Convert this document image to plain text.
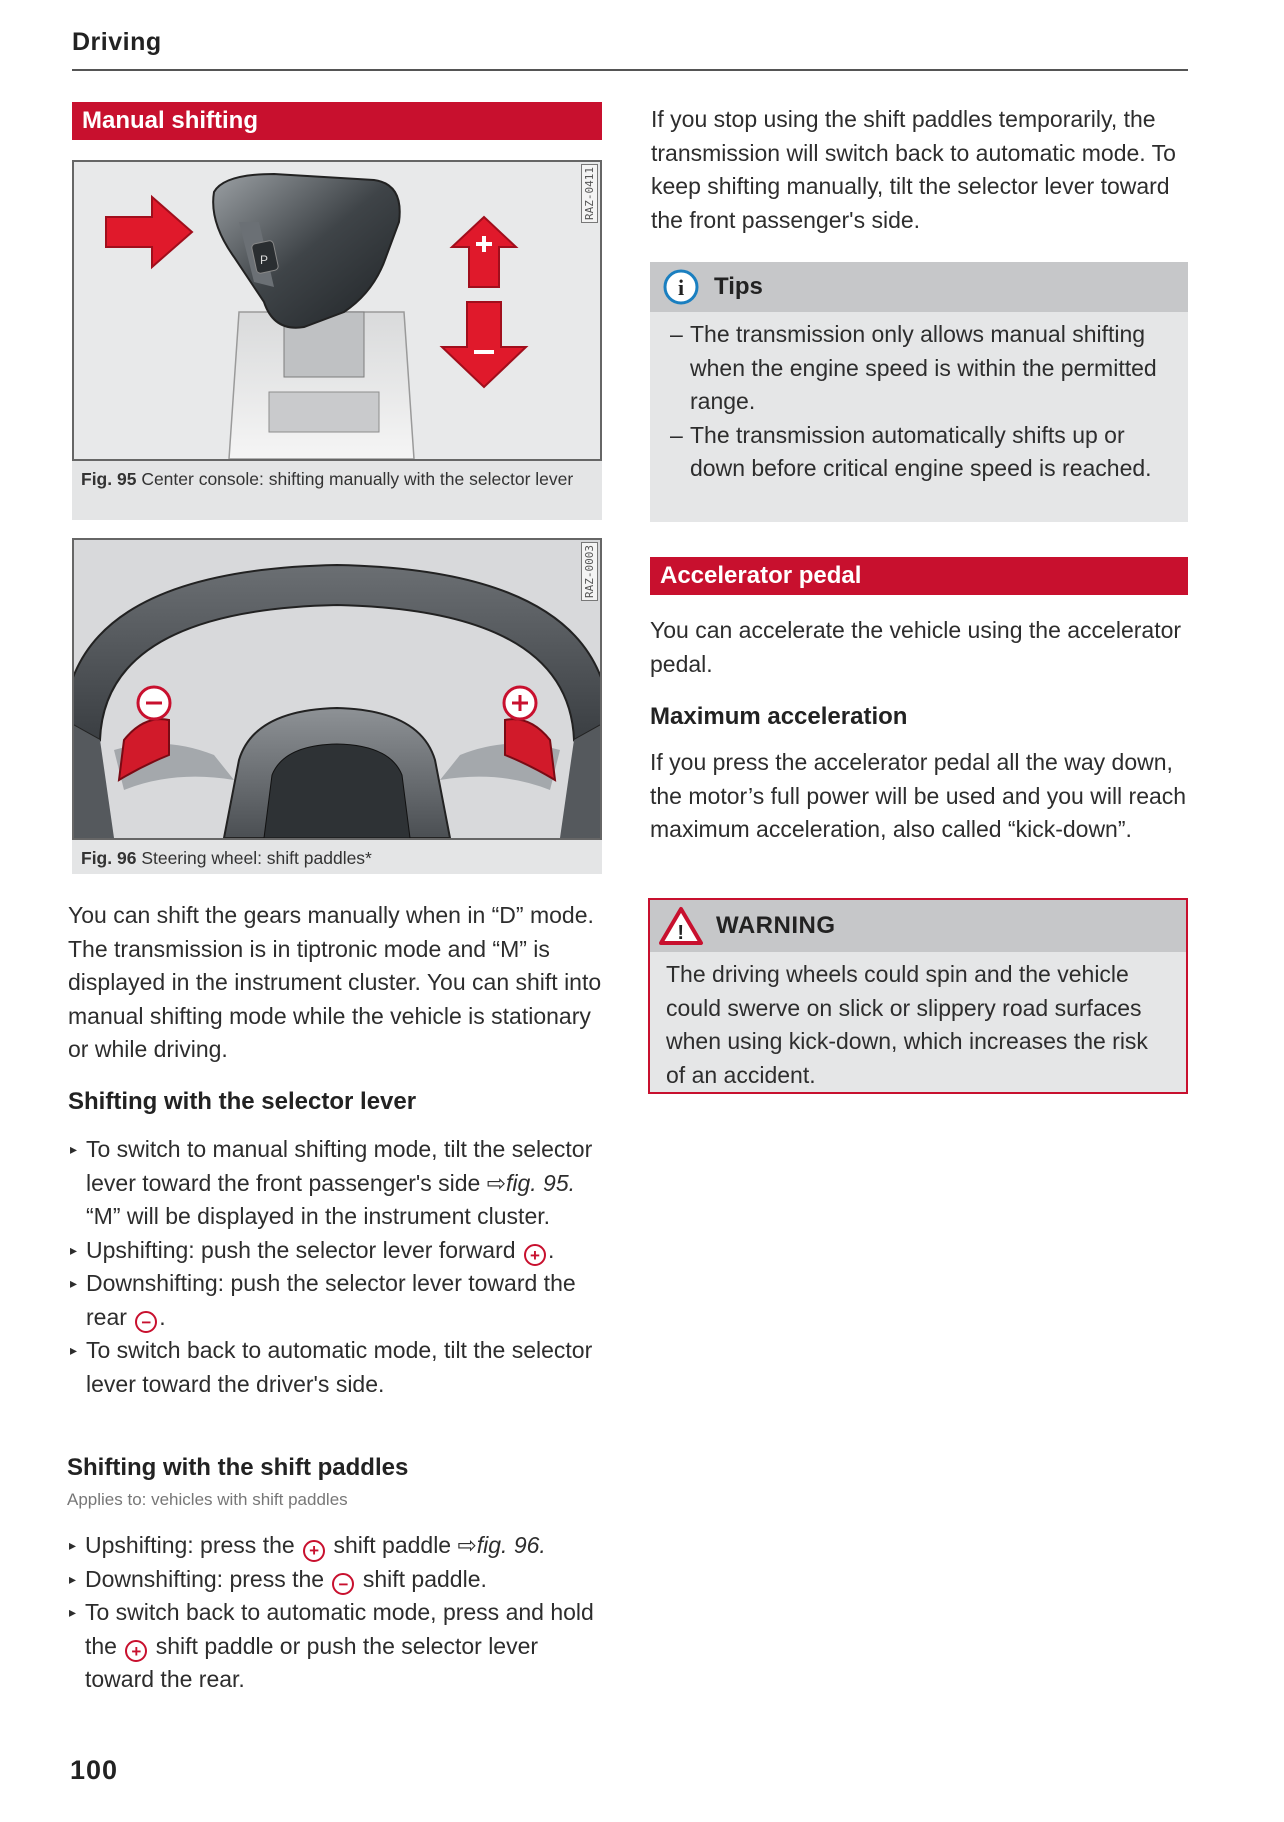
Driving
Manual shifting
P
RAZ-0411
Fig. 95 Center console: shifting manually with the selector lever
RAZ-0003
Fig. 96 Steering wheel: shift paddles*
You can shift the gears manually when in “D” mode. The transmission is in tiptronic mode and “M” is displayed in the instrument cluster. You can shift into manual shifting mode while the vehicle is stationary or while driving.
Shifting with the selector lever
▸ To switch to manual shifting mode, tilt the selector lever toward the front passenger's side ⇨fig. 95. “M” will be displayed in the instrument cluster.
▸ Upshifting: push the selector lever forward + .
▸ Downshifting: push the selector lever toward the rear − .
▸ To switch back to automatic mode, tilt the selector lever toward the driver's side.
Shifting with the shift paddles
Applies to: vehicles with shift paddles
▸ Upshifting: press the + shift paddle ⇨fig. 96.
▸ Downshifting: press the − shift paddle.
▸ To switch back to automatic mode, press and hold the + shift paddle or push the selector lever toward the rear.
100
If you stop using the shift paddles temporarily, the transmission will switch back to automatic mode. To keep shifting manually, tilt the selector lever toward the front passenger's side.
i Tips
– The transmission only allows manual shifting when the engine speed is within the permitted range.
– The transmission automatically shifts up or down before critical engine speed is reached.
Accelerator pedal
You can accelerate the vehicle using the accelerator pedal.
Maximum acceleration
If you press the accelerator pedal all the way down, the motor’s full power will be used and you will reach maximum acceleration, also called “kick-down”.
! WARNING
The driving wheels could spin and the vehicle could swerve on slick or slippery road surfaces when using kick-down, which increases the risk of an accident.
